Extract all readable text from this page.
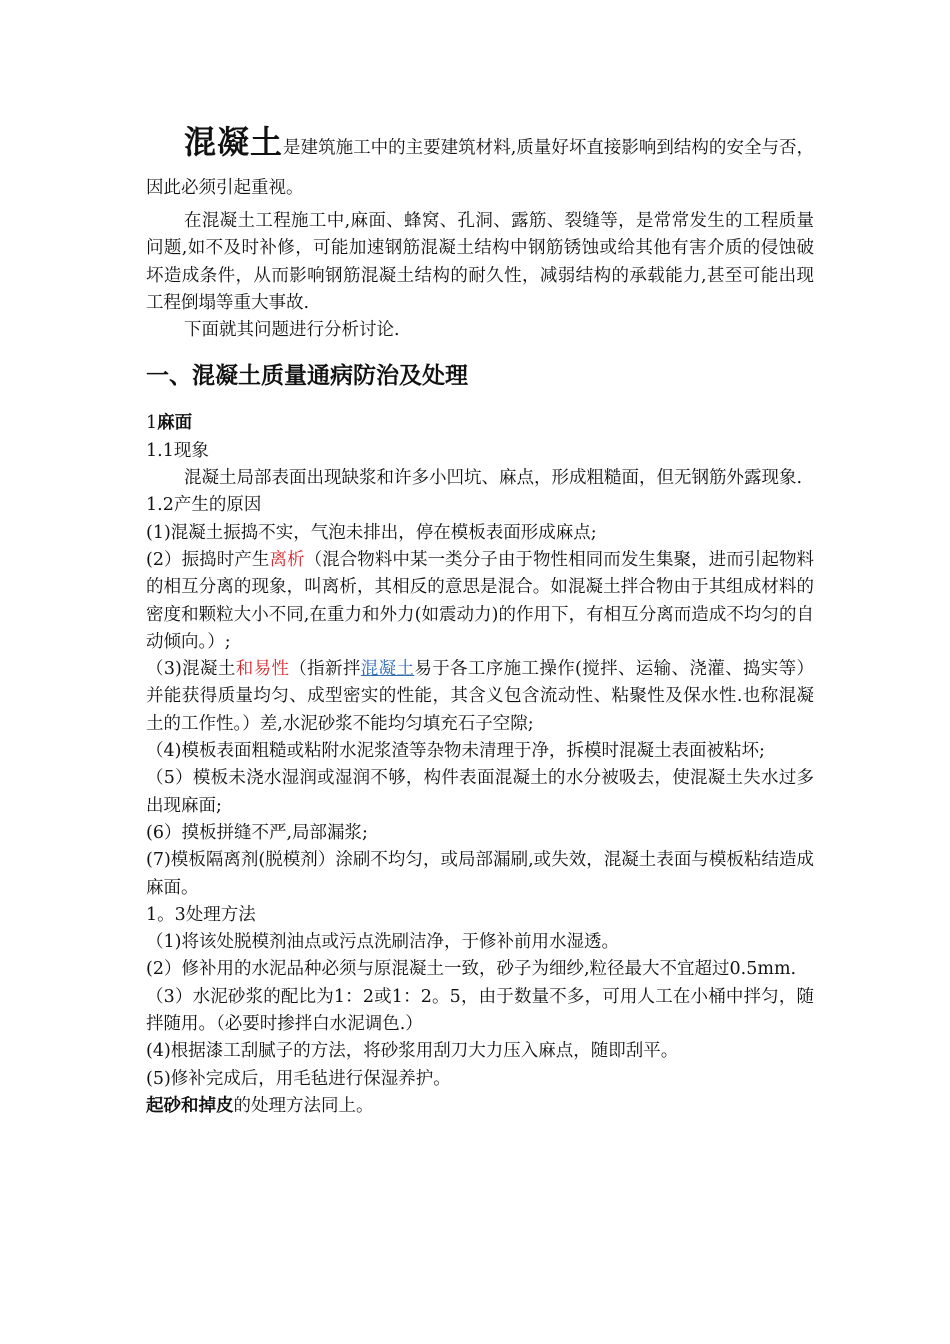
混凝土是建筑施工中的主要建筑材料,质量好坏直接影响到结构的安全与否，因此必须引起重视。

在混凝土工程施工中,麻面、蜂窝、孔洞、露筋、裂缝等，是常常发生的工程质量问题,如不及时补修，可能加速钢筋混凝土结构中钢筋锈蚀或给其他有害介质的侵蚀破坏造成条件，从而影响钢筋混凝土结构的耐久性，减弱结构的承载能力,甚至可能出现工程倒塌等重大事故.

下面就其问题进行分析讨论.

一、混凝土质量通病防治及处理

1麻面

1.1现象

混凝土局部表面出现缺浆和许多小凹坑、麻点，形成粗糙面，但无钢筋外露现象.

1.2产生的原因

(1)混凝土振捣不实，气泡未排出，停在模板表面形成麻点;

(2）振捣时产生离析（混合物料中某一类分子由于物性相同而发生集聚，进而引起物料的相互分离的现象，叫离析，其相反的意思是混合。如混凝土拌合物由于其组成材料的密度和颗粒大小不同,在重力和外力(如震动力)的作用下，有相互分离而造成不均匀的自动倾向。）;

（3)混凝土和易性（指新拌混凝土易于各工序施工操作(搅拌、运输、浇灌、捣实等）并能获得质量均匀、成型密实的性能，其含义包含流动性、粘聚性及保水性.也称混凝土的工作性。）差,水泥砂浆不能均匀填充石子空隙;

（4)模板表面粗糙或粘附水泥浆渣等杂物未清理于净，拆模时混凝土表面被粘坏;

（5）模板未浇水湿润或湿润不够，构件表面混凝土的水分被吸去，使混凝土失水过多出现麻面;

(6）摸板拼缝不严,局部漏浆;

(7)模板隔离剂(脱模剂）涂刷不均匀，或局部漏刷,或失效，混凝土表面与模板粘结造成麻面。

1。3处理方法

（1)将该处脱模剂油点或污点洗刷洁净，于修补前用水湿透。

(2）修补用的水泥品种必须与原混凝土一致，砂子为细纱,粒径最大不宜超过0.5mm.

（3）水泥砂浆的配比为1：2或1：2。5，由于数量不多，可用人工在小桶中拌匀，随拌随用。（必要时掺拌白水泥调色.）

(4)根据漆工刮腻子的方法，将砂浆用刮刀大力压入麻点，随即刮平。

(5)修补完成后，用毛毡进行保湿养护。

起砂和掉皮的处理方法同上。
